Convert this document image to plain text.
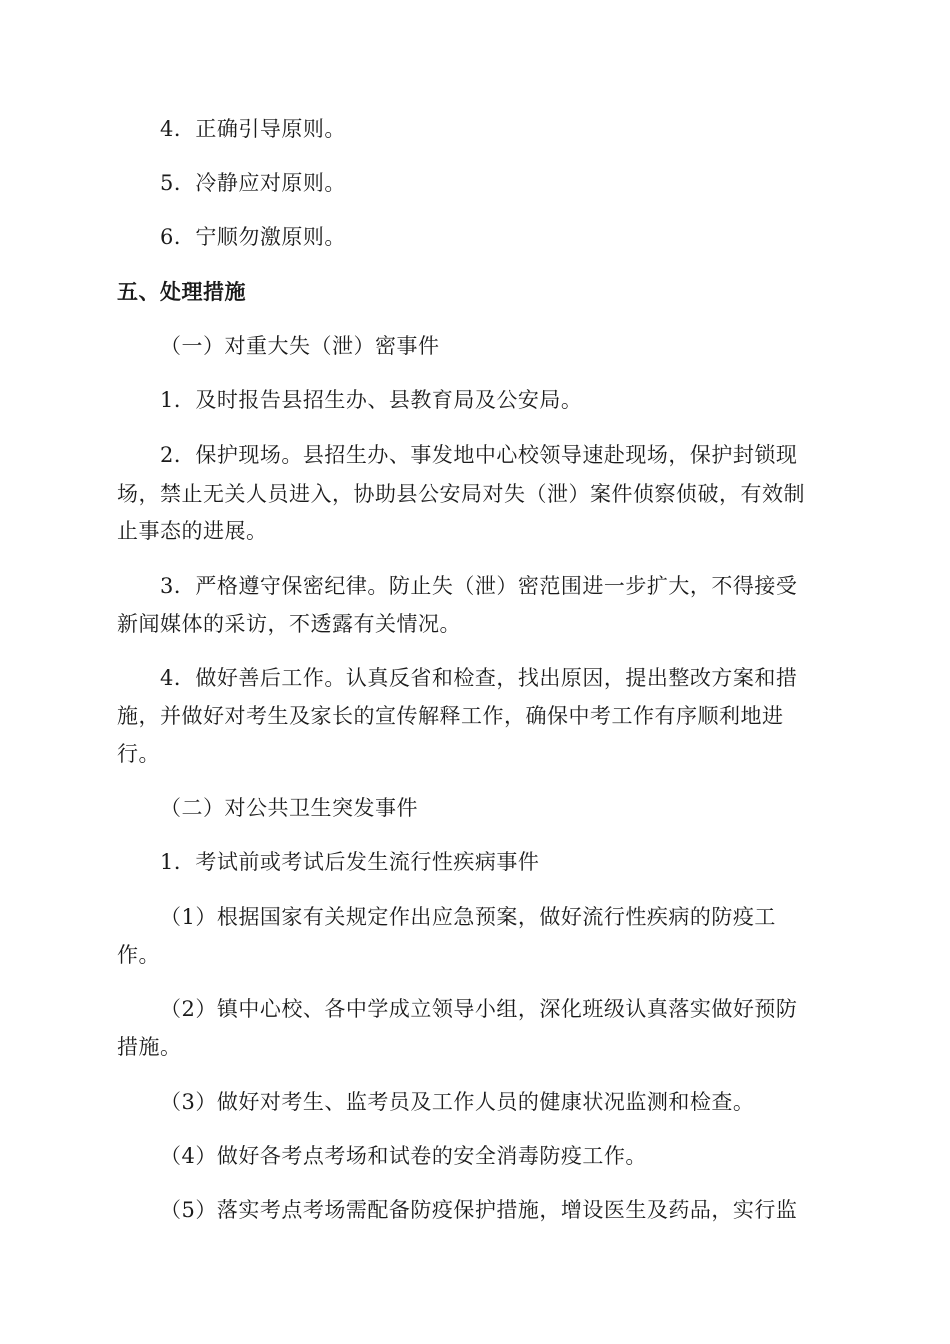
4．正确引导原则。
5．冷静应对原则。
6．宁顺勿激原则。
五、处理措施
（一）对重大失（泄）密事件
1．及时报告县招生办、县教育局及公安局。
2．保护现场。县招生办、事发地中心校领导速赴现场，保护封锁现
场，禁止无关人员进入，协助县公安局对失（泄）案件侦察侦破，有效制
止事态的进展。
3．严格遵守保密纪律。防止失（泄）密范围进一步扩大，不得接受
新闻媒体的采访，不透露有关情况。
4．做好善后工作。认真反省和检查，找出原因，提出整改方案和措
施，并做好对考生及家长的宣传解释工作，确保中考工作有序顺利地进
行。
（二）对公共卫生突发事件
1．考试前或考试后发生流行性疾病事件
（1）根据国家有关规定作出应急预案，做好流行性疾病的防疫工
作。
（2）镇中心校、各中学成立领导小组，深化班级认真落实做好预防
措施。
（3）做好对考生、监考员及工作人员的健康状况监测和检查。
（4）做好各考点考场和试卷的安全消毒防疫工作。
（5）落实考点考场需配备防疫保护措施，增设医生及药品，实行监
